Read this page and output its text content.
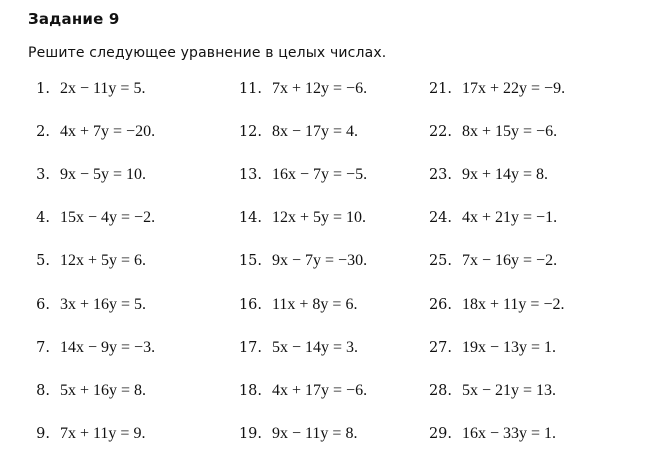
Задание 9
Решите следующее уравнение в целых числах.
1. 2x − 11y = 5.
2. 4x + 7y = −20.
3. 9x − 5y = 10.
4. 15x − 4y = −2.
5. 12x + 5y = 6.
6. 3x + 16y = 5.
7. 14x − 9y = −3.
8. 5x + 16y = 8.
9. 7x + 11y = 9.
11. 7x + 12y = −6.
12. 8x − 17y = 4.
13. 16x − 7y = −5.
14. 12x + 5y = 10.
15. 9x − 7y = −30.
16. 11x + 8y = 6.
17. 5x − 14y = 3.
18. 4x + 17y = −6.
19. 9x − 11y = 8.
21. 17x + 22y = −9.
22. 8x + 15y = −6.
23. 9x + 14y = 8.
24. 4x + 21y = −1.
25. 7x − 16y = −2.
26. 18x + 11y = −2.
27. 19x − 13y = 1.
28. 5x − 21y = 13.
29. 16x − 33y = 1.
